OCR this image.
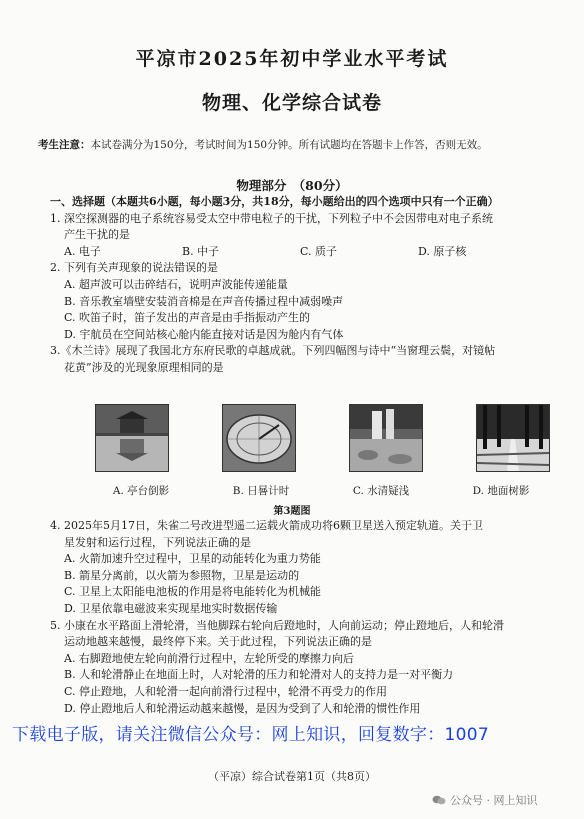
平凉市2025年初中学业水平考试
物理、化学综合试卷
考生注意：本试卷满分为150分，考试时间为150分钟。所有试题均在答题卡上作答，否则无效。
物理部分　（80分）
一、选择题（本题共6小题，每小题3分，共18分，每小题给出的四个选项中只有一个正确）
1. 深空探测器的电子系统容易受太空中带电粒子的干扰，下列粒子中不会因带电对电子系统
产生干扰的是
A. 电子	B. 中子	C. 质子	D. 原子核
2. 下列有关声现象的说法错误的是
A. 超声波可以击碎结石，说明声波能传递能量
B. 音乐教室墙壁安装消音棉是在声音传播过程中减弱噪声
C. 吹笛子时，笛子发出的声音是由手指振动产生的
D. 宇航员在空间站核心舱内能直接对话是因为舱内有气体
3.《木兰诗》展现了我国北方东府民歌的卓越成就。下列四幅图与诗中“当窗理云鬓，对镜帖
花黄”涉及的光现象原理相同的是
A. 亭台倒影	B. 日晷计时	C. 水清疑浅	D. 地面树影
第3题图
4. 2025年5月17日，朱雀二号改进型遥二运载火箭成功将6颗卫星送入预定轨道。关于卫
星发射和运行过程，下列说法正确的是
A. 火箭加速升空过程中，卫星的动能转化为重力势能
B. 箭星分离前，以火箭为参照物，卫星是运动的
C. 卫星上太阳能电池板的作用是将电能转化为机械能
D. 卫星依靠电磁波来实现星地实时数据传输
5. 小康在水平路面上滑轮滑，当他脚踩右轮向后蹬地时，人向前运动；停止蹬地后，人和轮滑
运动地越来越慢，最终停下来。关于此过程，下列说法正确的是
A. 右脚蹬地使左轮向前滑行过程中，左轮所受的摩擦力向后
B. 人和轮滑静止在地面上时，人对轮滑的压力和轮滑对人的支持力是一对平衡力
C. 停止蹬地，人和轮滑一起向前滑行过程中，轮滑不再受力的作用
D. 停止蹬地后人和轮滑运动越来越慢，是因为受到了人和轮滑的惯性作用
下载电子版，请关注微信公众号：网上知识，回复数字：1007
（平凉）综合试卷第1页（共8页）
公众号 · 网上知识
